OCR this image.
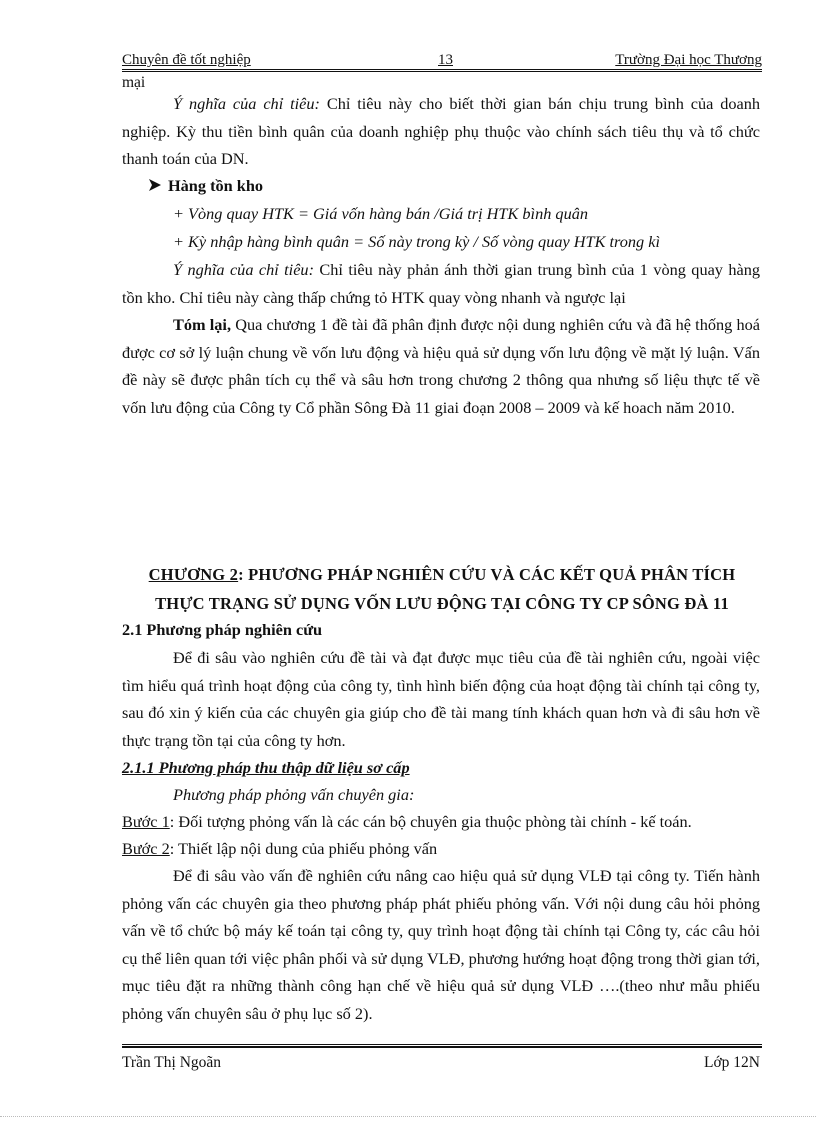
Chuyên đề tốt nghiệp	13	Trường Đại học Thương
mại
Ý nghĩa của chỉ tiêu: Chỉ tiêu này cho biết thời gian bán chịu trung bình của doanh nghiệp. Kỳ thu tiền bình quân của doanh nghiệp phụ thuộc vào chính sách tiêu thụ và tổ chức thanh toán của DN.
Hàng tồn kho
+ Vòng quay HTK = Giá vốn hàng bán /Giá trị HTK bình quân
+ Kỳ nhập hàng bình quân = Số này trong kỳ / Số vòng quay HTK trong kì
Ý nghĩa của chỉ tiêu: Chỉ tiêu này phản ánh thời gian trung bình của 1 vòng quay hàng tồn kho. Chỉ tiêu này càng thấp chứng tỏ HTK quay vòng nhanh và ngược lại
Tóm lại, Qua chương 1 đề tài đã phân định được nội dung nghiên cứu và đã hệ thống hoá được cơ sở lý luận chung về vốn lưu động và hiệu quả sử dụng vốn lưu động về mặt lý luận. Vấn đề này sẽ được phân tích cụ thể và sâu hơn trong chương 2 thông qua nhưng số liệu thực tế về vốn lưu động của Công ty Cổ phần Sông Đà 11 giai đoạn 2008 – 2009 và kế hoach năm 2010.
CHƯƠNG 2: PHƯƠNG PHÁP NGHIÊN CỨU VÀ CÁC KẾT QUẢ PHÂN TÍCH
THỰC TRẠNG SỬ DỤNG VỐN LƯU ĐỘNG TẠI CÔNG TY CP SÔNG ĐÀ 11
2.1 Phương pháp nghiên cứu
Để đi sâu vào nghiên cứu đề tài và đạt được mục tiêu của đề tài nghiên cứu, ngoài việc tìm hiểu quá trình hoạt động của công ty, tình hình biến động của hoạt động tài chính tại công ty, sau đó xin ý kiến của các chuyên gia giúp cho đề tài mang tính khách quan hơn và đi sâu hơn về thực trạng tồn tại của công ty hơn.
2.1.1 Phương pháp thu thập dữ liệu sơ cấp
Phương pháp phỏng vấn chuyên gia:
Bước 1: Đối tượng phỏng vấn là các cán bộ chuyên gia thuộc phòng tài chính - kế toán.
Bước 2: Thiết lập nội dung của phiếu phỏng vấn
Để đi sâu vào vấn đề nghiên cứu nâng cao hiệu quả sử dụng VLĐ tại công ty. Tiến hành phỏng vấn các chuyên gia theo phương pháp phát phiếu phỏng vấn. Với nội dung câu hỏi phỏng vấn về tổ chức bộ máy kế toán tại công ty, quy trình hoạt động tài chính tại Công ty, các câu hỏi cụ thể liên quan tới việc phân phối và sử dụng VLĐ, phương hướng hoạt động trong thời gian tới, mục tiêu đặt ra những thành công hạn chế về hiệu quả sử dụng VLĐ ….(theo như mẫu phiếu phỏng vấn chuyên sâu ở phụ lục số 2).
Trần Thị Ngoãn	Lớp 12N
